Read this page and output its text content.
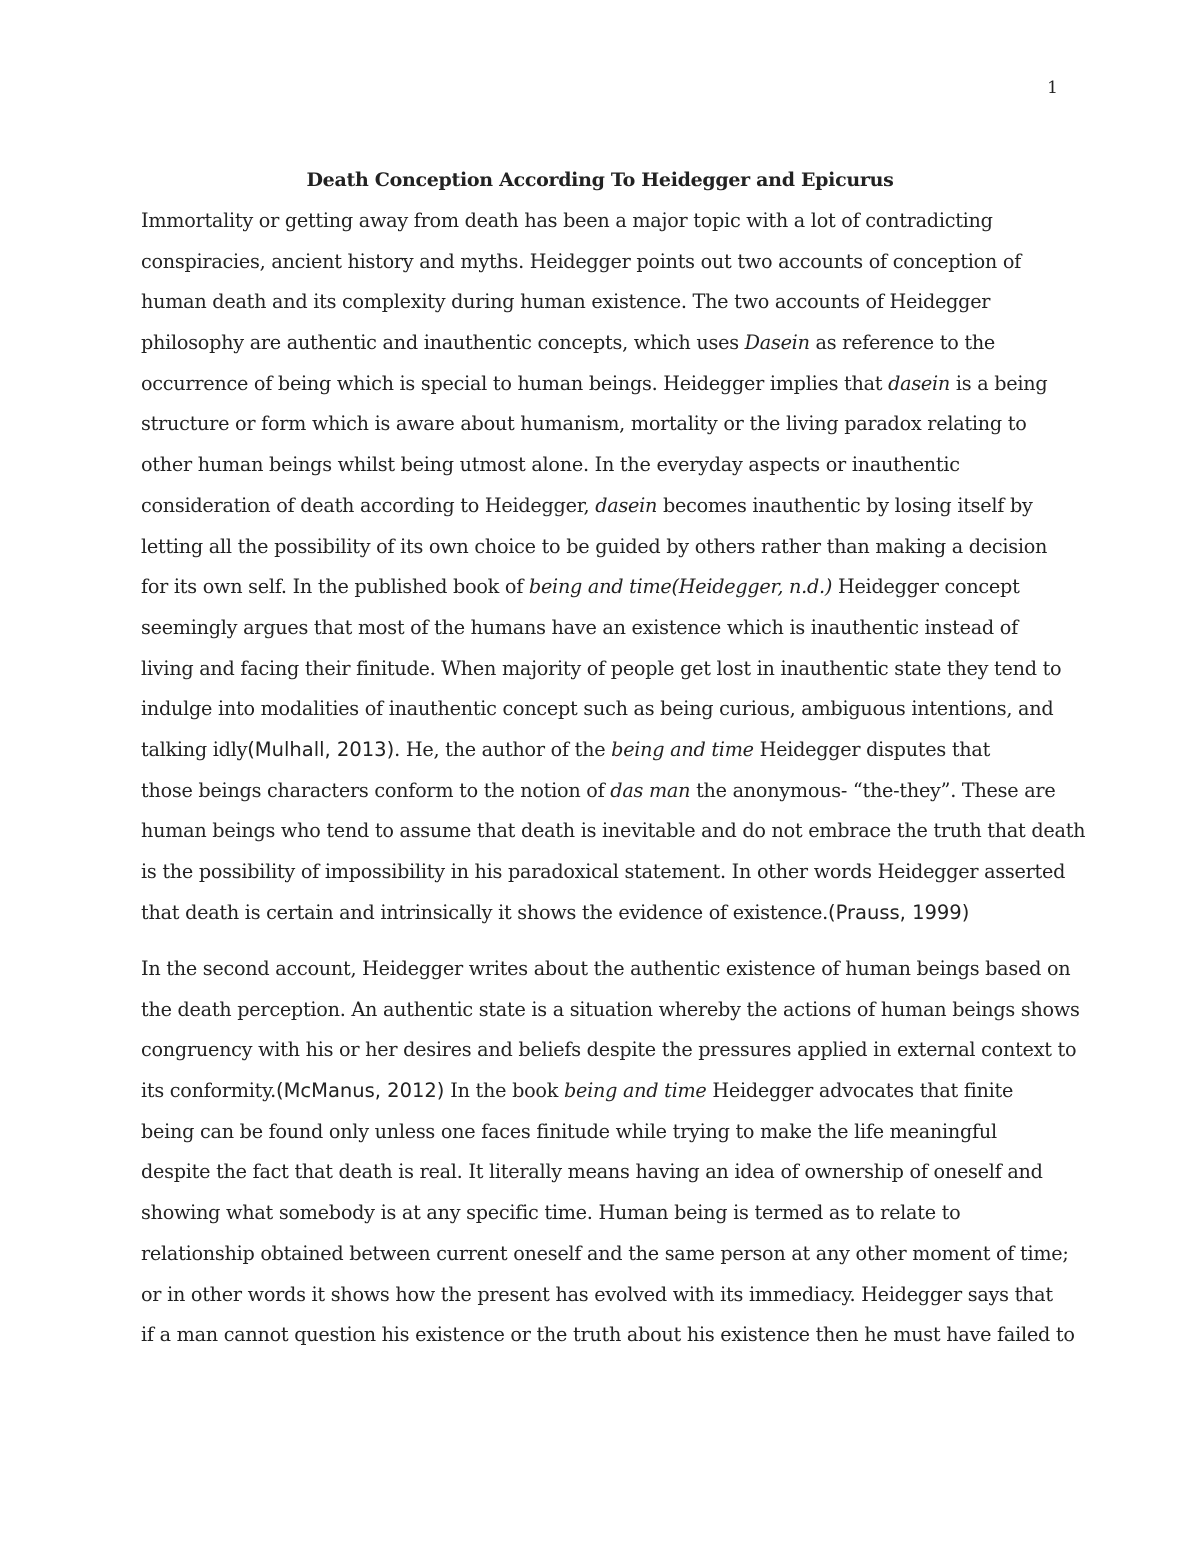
1
Death Conception According To Heidegger and Epicurus
Immortality or getting away from death has been a major topic with a lot of contradicting
conspiracies, ancient history and myths. Heidegger points out two accounts of conception of
human death and its complexity during human existence. The two accounts of Heidegger
philosophy are authentic and inauthentic concepts, which uses Dasein as reference to the
occurrence of being which is special to human beings. Heidegger implies that dasein is a being
structure or form which is aware about humanism, mortality or the living paradox relating to
other human beings whilst being utmost alone. In the everyday aspects or inauthentic
consideration of death according to Heidegger, dasein becomes inauthentic by losing itself by
letting all the possibility of its own choice to be guided by others rather than making a decision
for its own self. In the published book of being and time(Heidegger, n.d.) Heidegger concept
seemingly argues that most of the humans have an existence which is inauthentic instead of
living and facing their finitude. When majority of people get lost in inauthentic state they tend to
indulge into modalities of inauthentic concept such as being curious, ambiguous intentions, and
talking idly(Mulhall, 2013). He, the author of the being and time Heidegger disputes that
those beings characters conform to the notion of das man the anonymous- “the-they”. These are
human beings who tend to assume that death is inevitable and do not embrace the truth that death
is the possibility of impossibility in his paradoxical statement. In other words Heidegger asserted
that death is certain and intrinsically it shows the evidence of existence.(Prauss, 1999)
In the second account, Heidegger writes about the authentic existence of human beings based on
the death perception. An authentic state is a situation whereby the actions of human beings shows
congruency with his or her desires and beliefs despite the pressures applied in external context to
its conformity.(McManus, 2012) In the book being and time Heidegger advocates that finite
being can be found only unless one faces finitude while trying to make the life meaningful
despite the fact that death is real. It literally means having an idea of ownership of oneself and
showing what somebody is at any specific time. Human being is termed as to relate to
relationship obtained between current oneself and the same person at any other moment of time;
or in other words it shows how the present has evolved with its immediacy. Heidegger says that
if a man cannot question his existence or the truth about his existence then he must have failed to
